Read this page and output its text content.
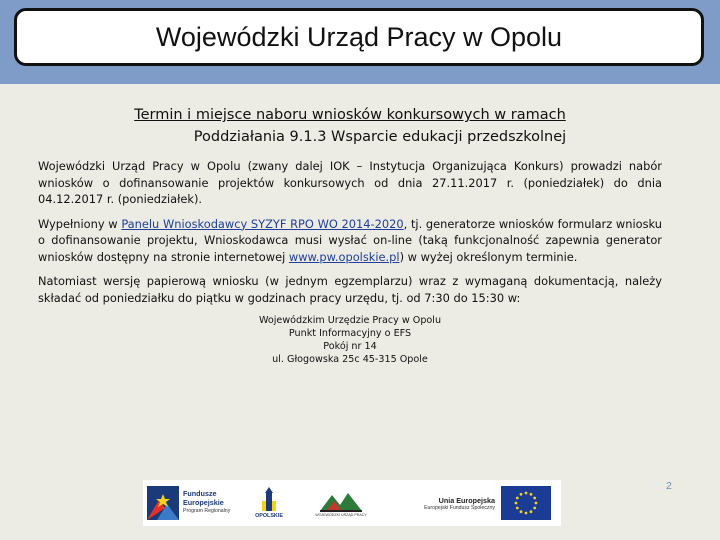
Wojewódzki Urząd Pracy w Opolu
Termin i miejsce naboru wniosków konkursowych w ramach
Poddziałania 9.1.3 Wsparcie edukacji przedszkolnej

Wojewódzki Urząd Pracy w Opolu (zwany dalej IOK – Instytucja Organizująca Konkurs) prowadzi nabór wniosków o dofinansowanie projektów konkursowych od dnia 27.11.2017 r. (poniedziałek) do dnia 04.12.2017 r. (poniedziałek).

Wypełniony w Panelu Wnioskodawcy SYZYF RPO WO 2014-2020, tj. generatorze wniosków formularz wniosku o dofinansowanie projektu, Wnioskodawca musi wysłać on-line (taką funkcjonalność zapewnia generator wniosków dostępny na stronie internetowej www.pw.opolskie.pl) w wyżej określonym terminie.

Natomiast wersję papierową wniosku (w jednym egzemplarzu) wraz z wymaganą dokumentacją, należy składać od poniedziałku do piątku w godzinach pracy urzędu, tj. od 7:30 do 15:30 w:

Wojewódzkim Urzędzie Pracy w Opolu
Punkt Informacyjny o EFS
Pokój nr 14
ul. Głogowska 25c 45-315 Opole
Fundusze
Europejskie
Program Regionalny
OPOLSKIE	WOJEWÓDZKI URZĄD PRACY
Unia Europejska
Europejski Fundusz Społeczny
2
